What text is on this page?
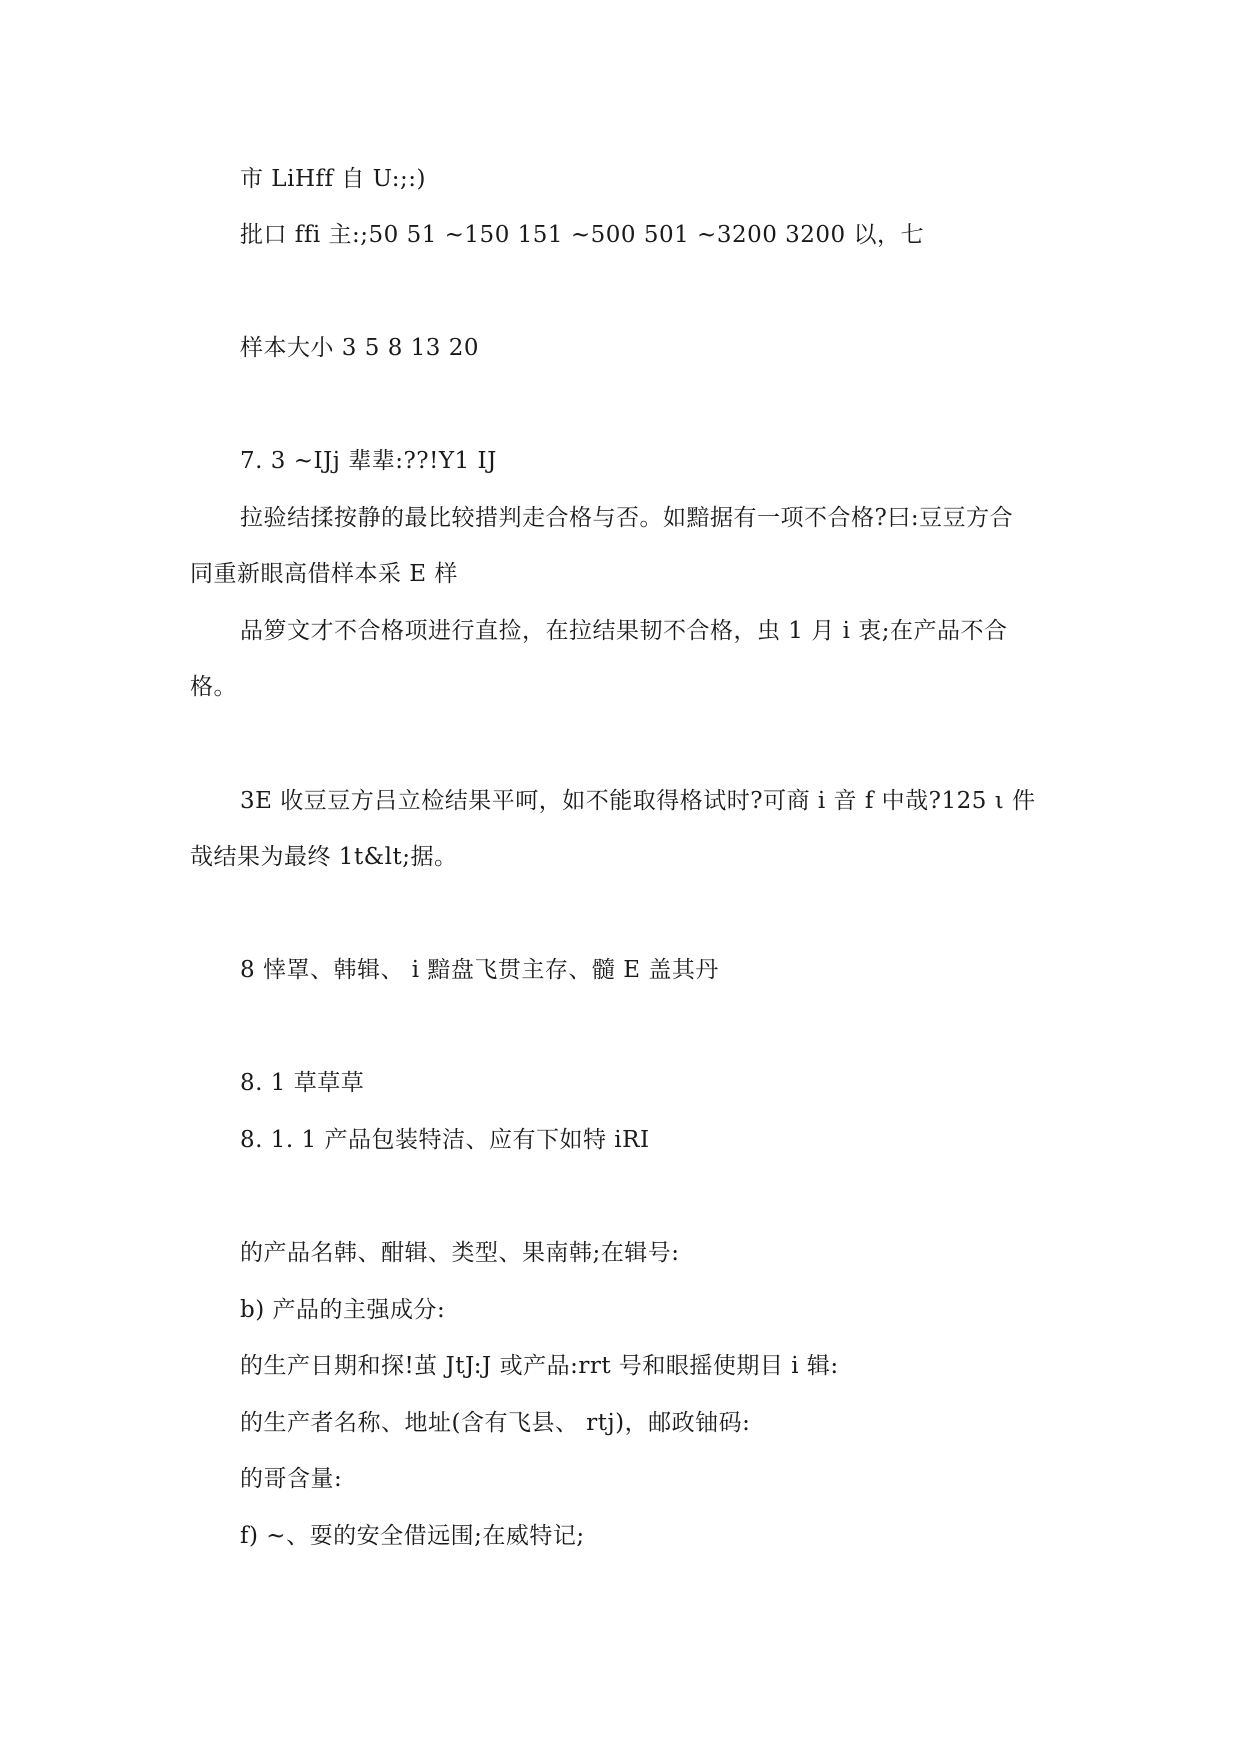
市 LiHff 自 U:;:)
批口 ffi 主:;50 51 ~150 151 ~500 501 ~3200 3200 以，七
样本大小 3 5 8 13 20
7. 3 ~IJj 辈辈:??!Y1 IJ
拉验结揉按静的最比较措判走合格与否。如黯据有一项不合格?曰:豆豆方合
同重新眼高借样本采 E 样
品箩文才不合格项进行直捡，在拉结果韧不合格，虫 1 月 i 衷;在产品不合
格。
3E 收豆豆方吕立检结果平呵，如不能取得格试时?可商 i 音 f 中哉?125 ι 件
哉结果为最终 1t&lt;据。
8 悻罩、韩辑、 i 黯盘飞贯主存、髓 E 盖其丹
8. 1 草草草
8. 1. 1 产品包装特洁、应有下如特 iRI
的产品名韩、酣辑、类型、果南韩;在辑号:
b) 产品的主强成分:
的生产日期和探!茧 JtJ:J 或产品:rrt 号和眼摇使期目 i 辑:
的生产者名称、地址(含有飞县、 rtj)，邮政铀码:
的哥含量:
f) ~、耍的安全借远围;在威特记;
